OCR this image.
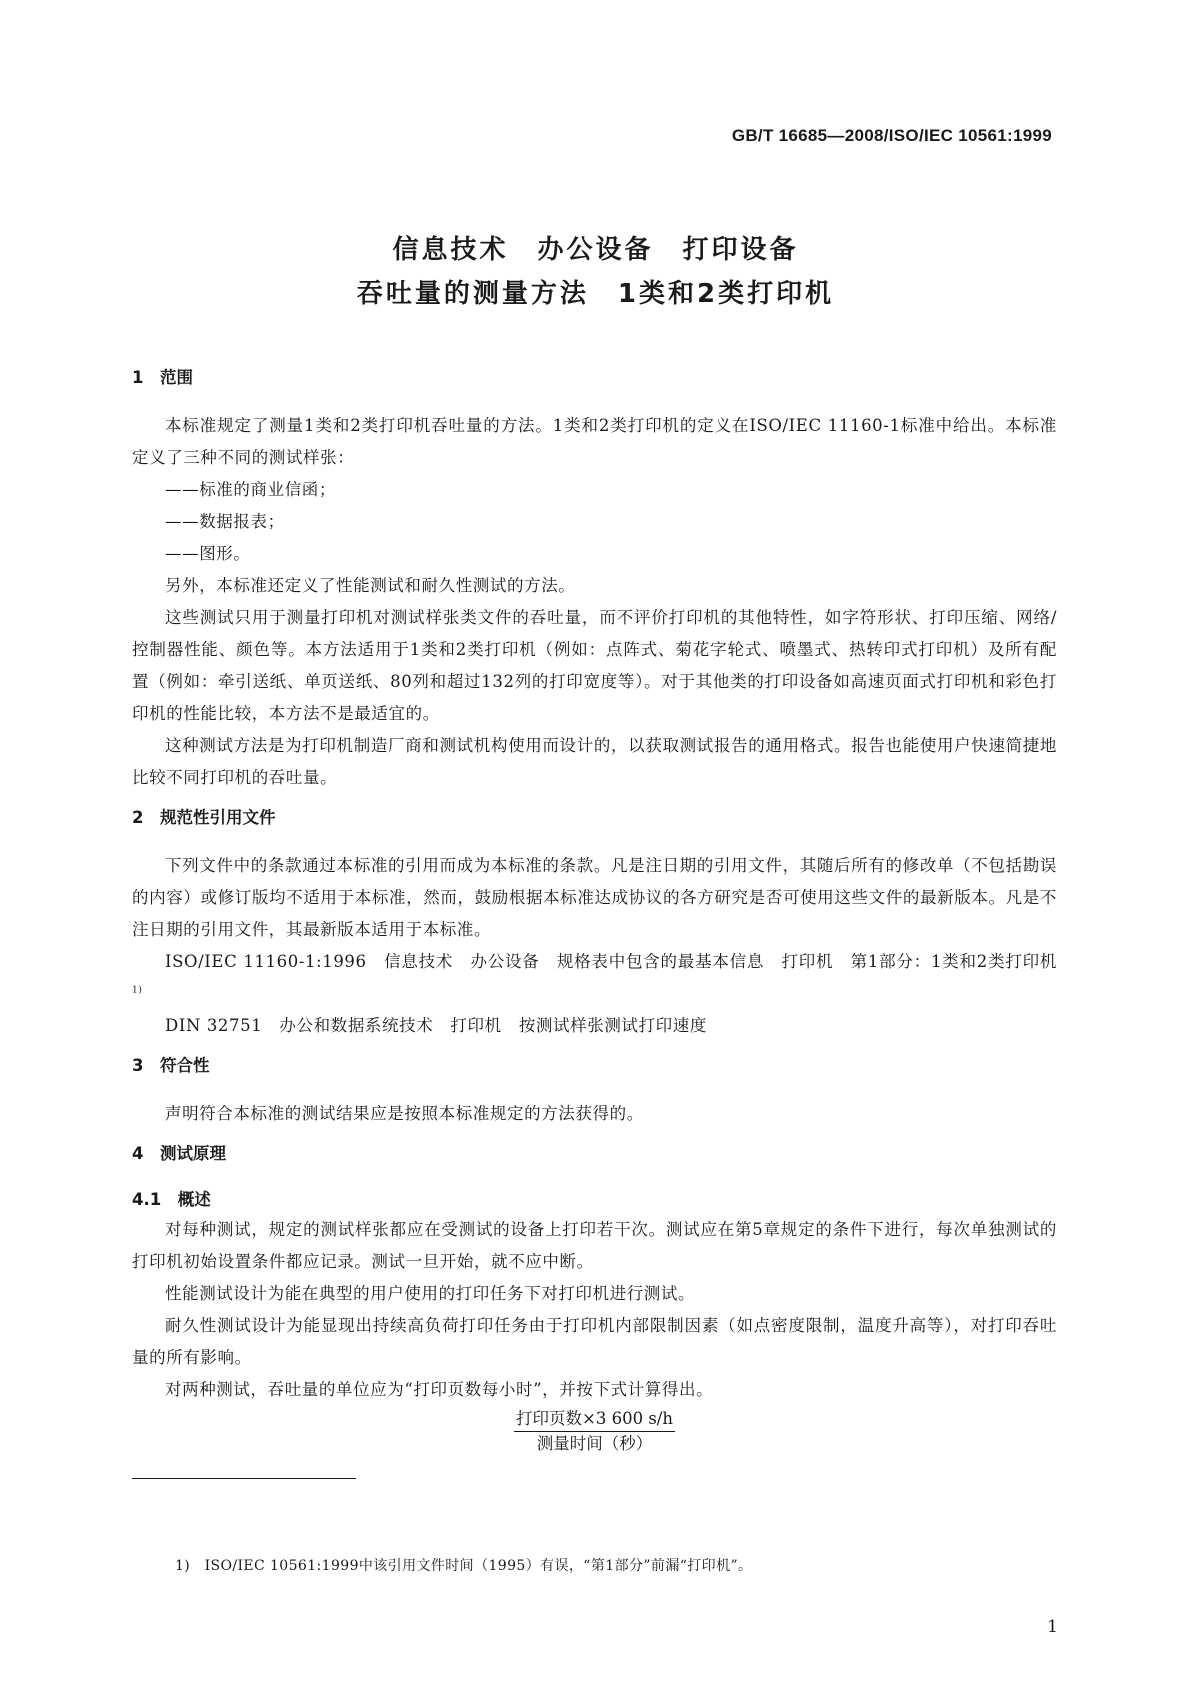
GB/T 16685—2008/ISO/IEC 10561:1999
信息技术　办公设备　打印设备
吞吐量的测量方法　1类和2类打印机
1　范围
本标准规定了测量1类和2类打印机吞吐量的方法。1类和2类打印机的定义在ISO/IEC 11160-1标准中给出。本标准定义了三种不同的测试样张：
——标准的商业信函；
——数据报表；
——图形。
另外，本标准还定义了性能测试和耐久性测试的方法。
这些测试只用于测量打印机对测试样张类文件的吞吐量，而不评价打印机的其他特性，如字符形状、打印压缩、网络/控制器性能、颜色等。本方法适用于1类和2类打印机（例如：点阵式、菊花字轮式、喷墨式、热转印式打印机）及所有配置（例如：牵引送纸、单页送纸、80列和超过132列的打印宽度等）。对于其他类的打印设备如高速页面式打印机和彩色打印机的性能比较，本方法不是最适宜的。
这种测试方法是为打印机制造厂商和测试机构使用而设计的，以获取测试报告的通用格式。报告也能使用户快速简捷地比较不同打印机的吞吐量。
2　规范性引用文件
下列文件中的条款通过本标准的引用而成为本标准的条款。凡是注日期的引用文件，其随后所有的修改单（不包括勘误的内容）或修订版均不适用于本标准，然而，鼓励根据本标准达成协议的各方研究是否可使用这些文件的最新版本。凡是不注日期的引用文件，其最新版本适用于本标准。
ISO/IEC 11160-1:1996　信息技术　办公设备　规格表中包含的最基本信息　打印机　第1部分：1类和2类打印机$^{1)}$
DIN 32751　办公和数据系统技术　打印机　按测试样张测试打印速度
3　符合性
声明符合本标准的测试结果应是按照本标准规定的方法获得的。
4　测试原理
4.1　概述
对每种测试，规定的测试样张都应在受测试的设备上打印若干次。测试应在第5章规定的条件下进行，每次单独测试的打印机初始设置条件都应记录。测试一旦开始，就不应中断。
性能测试设计为能在典型的用户使用的打印任务下对打印机进行测试。
耐久性测试设计为能显现出持续高负荷打印任务由于打印机内部限制因素（如点密度限制，温度升高等），对打印吞吐量的所有影响。
对两种测试，吞吐量的单位应为“打印页数每小时”，并按下式计算得出。
$\frac{\text{打印页数×3 600 s/h}}{\text{测量时间（秒）}}$
1)　ISO/IEC 10561:1999中该引用文件时间（1995）有误，“第1部分”前漏“打印机”。
1
